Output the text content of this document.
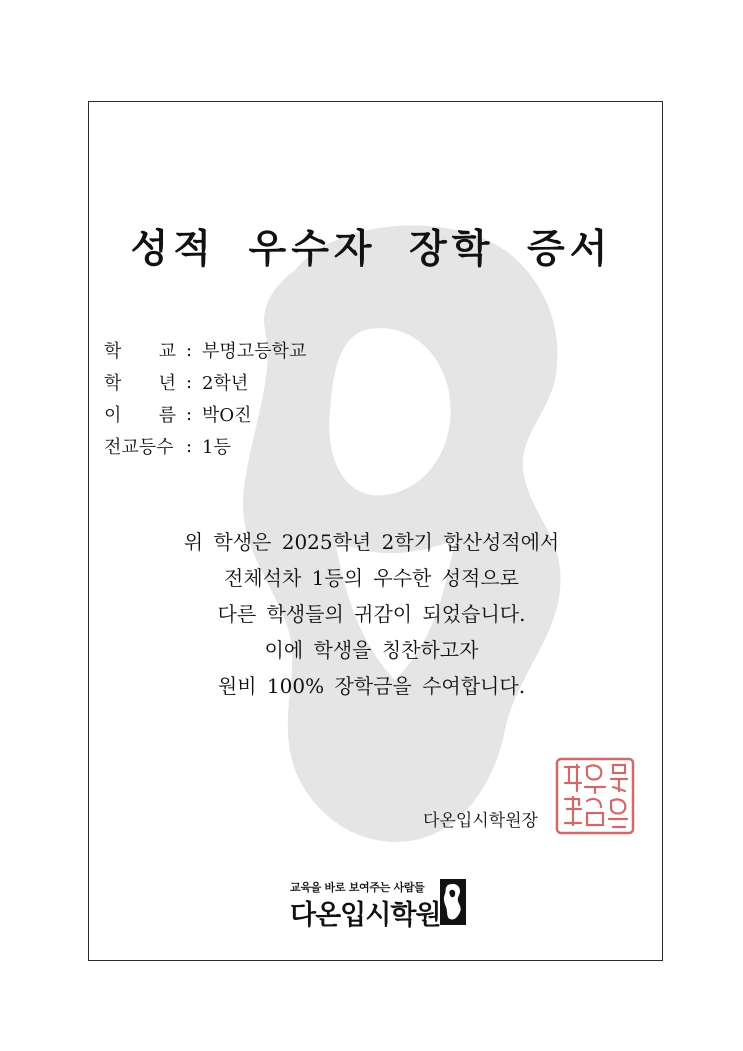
성적 우수자 장학 증서
학 교 : 부명고등학교
학 년 : 2학년
이 름 : 박O진
전교등수 : 1등
위 학생은 2025학년 2학기 합산성적에서
전체석차 1등의 우수한 성적으로
다른 학생들의 귀감이 되었습니다.
이에 학생을 칭찬하고자
원비 100% 장학금을 수여합니다.
다온입시학원장
교육을 바로 보여주는 사람들
다온입시학원
